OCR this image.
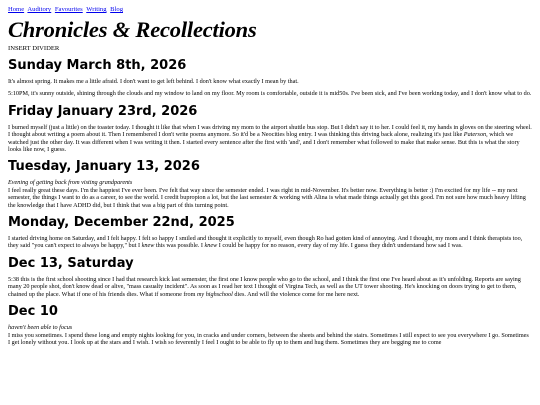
Home Auditory Favourites Writing Blog
Chronicles & Recollections
INSERT DIVIDER
Sunday March 8th, 2026

It's almost spring. It makes me a little afraid. I don't want to get left behind. I don't know what exactly I mean by that.

5:10PM, it's sunny outside, shining through the clouds and my window to land on my floor. My room is comfortable, outside it is mid50s. I've been sick, and I've been working today, and I don't know what to do.

Friday January 23rd, 2026

I burned myself (just a little) on the toaster today. I thought it like that when I was driving my mom to the airport shuttle bus stop. But I didn't say it to her. I could feel it, my hands in gloves on the steering wheel. I thought about writing a poem about it. Then I remembered I don't write poems anymore. So it'd be a Neocities blog entry. I was thinking this driving back alone, realizing it's just like Paterson, which we watched just the other day. It was different when I was writing it then. I started every sentence after the first with 'and', and I don't remember what followed to make that make sense. But this is what the story looks like now, I guess.

Tuesday, January 13, 2026

Evening of getting back from visting grandparents

I feel really great these days. I'm the happiest I've ever been. I've felt that way since the semester ended. I was right in mid-November. It's better now. Everything is better :) I'm excited for my life -- my next semester, the things I want to do as a career, to see the world. I credit bupropion a lot, but the last semester & working with Alina is what made things actually get this good. I'm not sure how much heavy lifting the knowledge that I have ADHD did, but I think that was a big part of this turning point.

Monday, December 22nd, 2025

I started driving home on Saturday, and I felt happy. I felt so happy I smiled and thought it explicitly to myself, even though Ro had gotten kind of annoying. And I thought, my mom and I think therapists too, they said "you can't expect to always be happy," but I knew this was possible. I knew I could be happy for no reason, every day of my life. I guess they didn't understand how sad I was.

Dec 13, Saturday

5:38 this is the first school shooting since I had that research kick last semenster, the first one I know people who go to the school, and I think the first one I've heard about as it's unfolding. Reports are saying many 20 people shot, don't know dead or alive, "mass casualty incident". As soon as I read her text I thought of Virgina Tech, as well as the UT tower shooting. He's knocking on doors trying to get to them, chained up the place. What if one of his friends dies. What if someone from my highschool dies. And will the violence come for me here next.

Dec 10

haven't been able to focus

I miss you sometimes. I spend these long and empty nights looking for you, in cracks and under corners, between the sheets and behind the stairs. Sometimes I still expect to see you everywhere I go. Sometimes I get lonely without you. I look up at the stars and I wish. I wish so feverently I feel I ought to be able to fly up to them and hug them. Sometimes they are begging me to come
